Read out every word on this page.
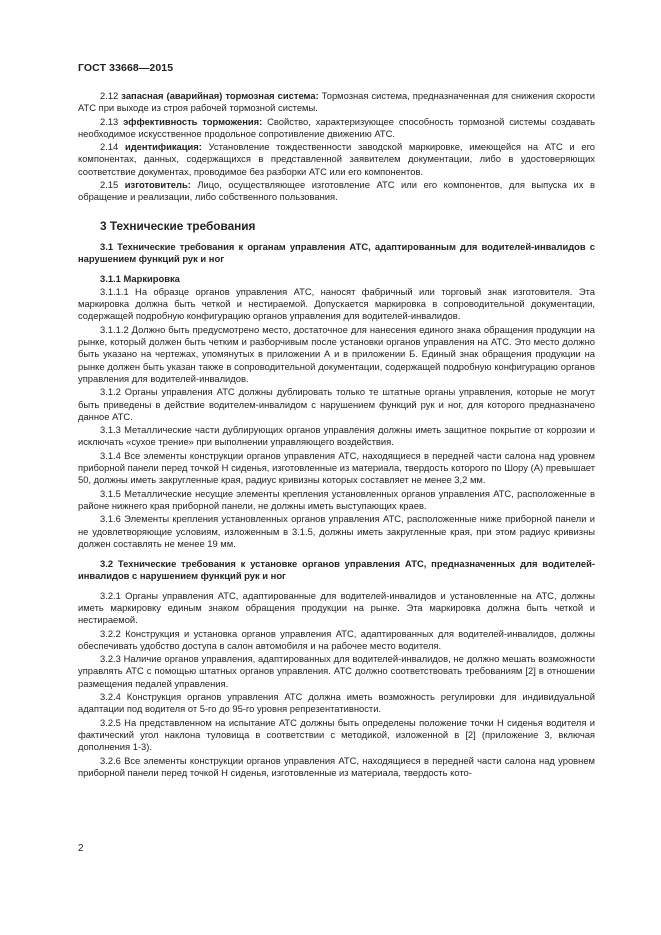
ГОСТ 33668—2015

2.12 запасная (аварийная) тормозная система: Тормозная система, предназначенная для снижения скорости АТС при выходе из строя рабочей тормозной системы.

2.13 эффективность торможения: Свойство, характеризующее способность тормозной системы создавать необходимое искусственное продольное сопротивление движению АТС.

2.14 идентификация: Установление тождественности заводской маркировке, имеющейся на АТС и его компонентах, данных, содержащихся в представленной заявителем документации, либо в удостоверяющих соответствие документах, проводимое без разборки АТС или его компонентов.

2.15 изготовитель: Лицо, осуществляющее изготовление АТС или его компонентов, для выпуска их в обращение и реализации, либо собственного пользования.

3 Технические требования
3.1 Технические требования к органам управления АТС, адаптированным для водителей-инвалидов с нарушением функций рук и ног
3.1.1 Маркировка

3.1.1.1 На образце органов управления АТС, наносят фабричный или торговый знак изготовителя. Эта маркировка должна быть четкой и нестираемой. Допускается маркировка в сопроводительной документации, содержащей подробную конфигурацию органов управления для водителей-инвалидов.

3.1.1.2 Должно быть предусмотрено место, достаточное для нанесения единого знака обращения продукции на рынке, который должен быть четким и разборчивым после установки органов управления на АТС. Это место должно быть указано на чертежах, упомянутых в приложении А и в приложении Б. Единый знак обращения продукции на рынке должен быть указан также в сопроводительной документации, содержащей подробную конфигурацию органов управления для водителей-инвалидов.

3.1.2 Органы управления АТС должны дублировать только те штатные органы управления, которые не могут быть приведены в действие водителем-инвалидом с нарушением функций рук и ног, для которого предназначено данное АТС.

3.1.3 Металлические части дублирующих органов управления должны иметь защитное покрытие от коррозии и исключать «сухое трение» при выполнении управляющего воздействия.

3.1.4 Все элементы конструкции органов управления АТС, находящиеся в передней части салона над уровнем приборной панели перед точкой Н сиденья, изготовленные из материала, твердость которого по Шору (А) превышает 50, должны иметь закругленные края, радиус кривизны которых составляет не менее 3,2 мм.

3.1.5 Металлические несущие элементы крепления установленных органов управления АТС, расположенные в районе нижнего края приборной панели, не должны иметь выступающих краев.

3.1.6 Элементы крепления установленных органов управления АТС, расположенные ниже приборной панели и не удовлетворяющие условиям, изложенным в 3.1.5, должны иметь закругленные края, при этом радиус кривизны должен составлять не менее 19 мм.

3.2 Технические требования к установке органов управления АТС, предназначенных для водителей-инвалидов с нарушением функций рук и ног

3.2.1 Органы управления АТС, адаптированные для водителей-инвалидов и установленные на АТС, должны иметь маркировку единым знаком обращения продукции на рынке. Эта маркировка должна быть четкой и нестираемой.

3.2.2 Конструкция и установка органов управления АТС, адаптированных для водителей-инвалидов, должны обеспечивать удобство доступа в салон автомобиля и на рабочее место водителя.

3.2.3 Наличие органов управления, адаптированных для водителей-инвалидов, не должно мешать возможности управлять АТС с помощью штатных органов управления. АТС должно соответствовать требованиям [2] в отношении размещения педалей управления.

3.2.4 Конструкция органов управления АТС должна иметь возможность регулировки для индивидуальной адаптации под водителя от 5-го до 95-го уровня репрезентативности.

3.2.5 На представленном на испытание АТС должны быть определены положение точки Н сиденья водителя и фактический угол наклона туловища в соответствии с методикой, изложенной в [2] (приложение 3, включая дополнения 1-3).

3.2.6 Все элементы конструкции органов управления АТС, находящиеся в передней части салона над уровнем приборной панели перед точкой Н сиденья, изготовленные из материала, твердость кото-

2
